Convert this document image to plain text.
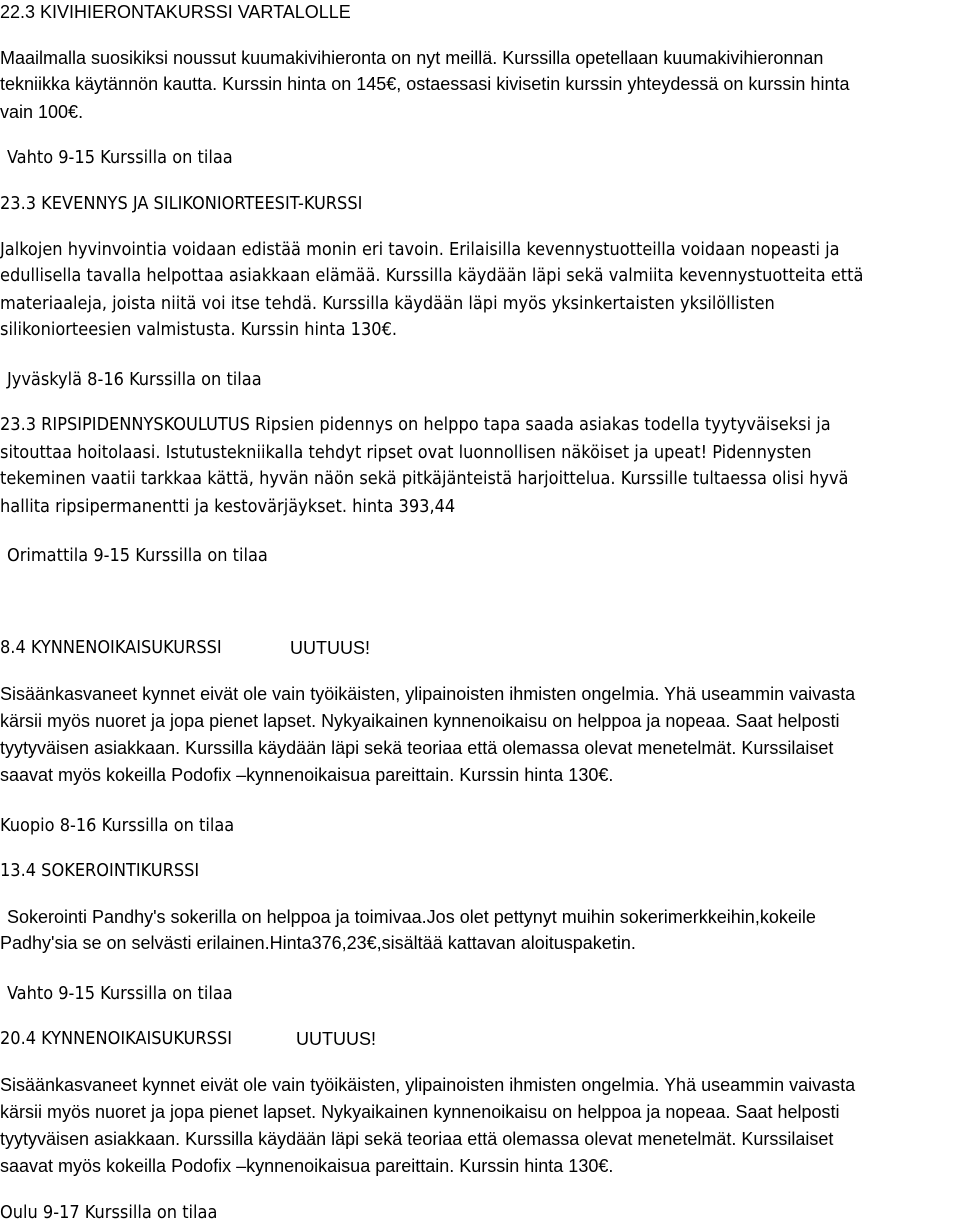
22.3 KIVIHIERONTAKURSSI VARTALOLLE
Maailmalla suosikiksi noussut kuumakivihieronta on nyt meillä. Kurssilla opetellaan kuumakivihieronnan
tekniikka käytännön kautta. Kurssin hinta on 145€, ostaessasi kivisetin kurssin yhteydessä on kurssin hinta
vain 100€.
Vahto 9-15 Kurssilla on tilaa
23.3 KEVENNYS JA SILIKONIORTEESIT-KURSSI
Jalkojen hyvinvointia voidaan edistää monin eri tavoin. Erilaisilla kevennystuotteilla voidaan nopeasti ja
edullisella tavalla helpottaa asiakkaan elämää. Kurssilla käydään läpi sekä valmiita kevennystuotteita että
materiaaleja, joista niitä voi itse tehdä. Kurssilla käydään läpi myös yksinkertaisten yksilöllisten
silikoniorteesien valmistusta. Kurssin hinta 130€.
Jyväskylä 8-16 Kurssilla on tilaa
23.3 RIPSIPIDENNYSKOULUTUS Ripsien pidennys on helppo tapa saada asiakas todella tyytyväiseksi ja
sitouttaa hoitolaasi. Istutustekniikalla tehdyt ripset ovat luonnollisen näköiset ja upeat! Pidennysten
tekeminen vaatii tarkkaa kättä, hyvän näön sekä pitkäjänteistä harjoittelua. Kurssille tultaessa olisi hyvä
hallita ripsipermanentti ja kestovärjäykset. hinta 393,44
Orimattila 9-15 Kurssilla on tilaa
8.4 KYNNENOIKAISUKURSSI	UUTUUS!
Sisäänkasvaneet kynnet eivät ole vain työikäisten, ylipainoisten ihmisten ongelmia. Yhä useammin vaivasta
kärsii myös nuoret ja jopa pienet lapset. Nykyaikainen kynnenoikaisu on helppoa ja nopeaa. Saat helposti
tyytyväisen asiakkaan. Kurssilla käydään läpi sekä teoriaa että olemassa olevat menetelmät. Kurssilaiset
saavat myös kokeilla Podofix –kynnenoikaisua pareittain. Kurssin hinta 130€.
Kuopio 8-16 Kurssilla on tilaa
13.4 SOKEROINTIKURSSI
Sokerointi Pandhy's sokerilla on helppoa ja toimivaa.Jos olet pettynyt muihin sokerimerkkeihin,kokeile
Padhy'sia se on selvästi erilainen.Hinta376,23€,sisältää kattavan aloituspaketin.
Vahto 9-15 Kurssilla on tilaa
20.4 KYNNENOIKAISUKURSSI	UUTUUS!
Sisäänkasvaneet kynnet eivät ole vain työikäisten, ylipainoisten ihmisten ongelmia. Yhä useammin vaivasta
kärsii myös nuoret ja jopa pienet lapset. Nykyaikainen kynnenoikaisu on helppoa ja nopeaa. Saat helposti
tyytyväisen asiakkaan. Kurssilla käydään läpi sekä teoriaa että olemassa olevat menetelmät. Kurssilaiset
saavat myös kokeilla Podofix –kynnenoikaisua pareittain. Kurssin hinta 130€.
Oulu 9-17 Kurssilla on tilaa
